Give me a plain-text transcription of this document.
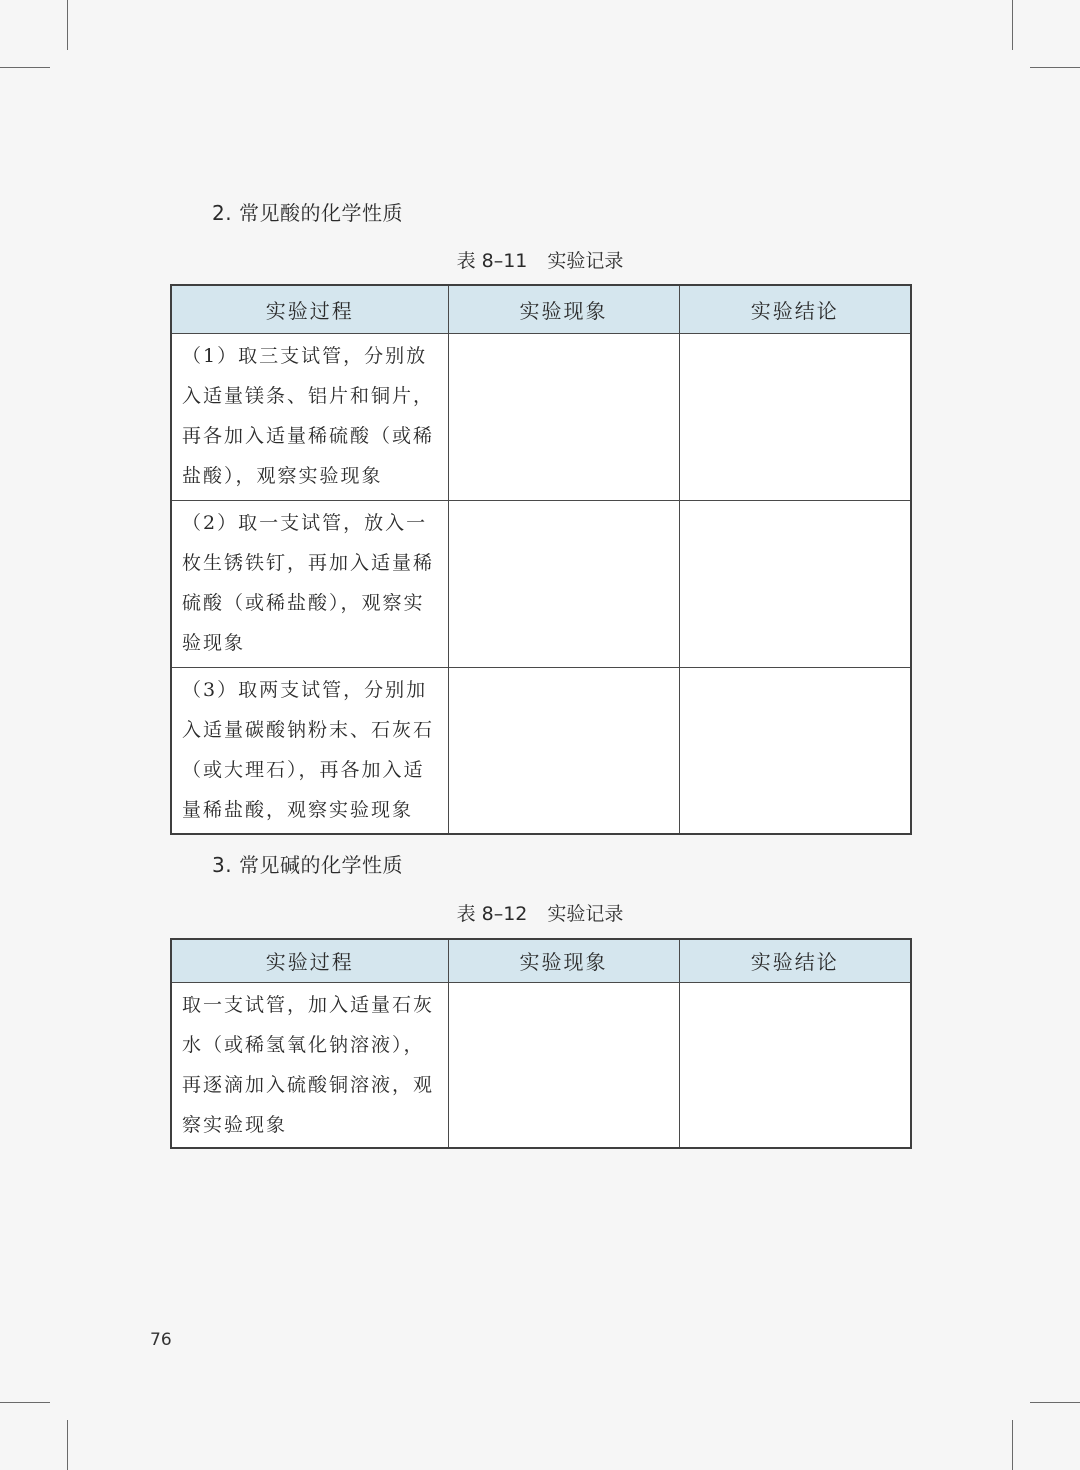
2. 常见酸的化学性质
表 8–11 实验记录
实验过程	实验现象	实验结论
（1）取三支试管，分别放入适量镁条、铝片和铜片，再各加入适量稀硫酸（或稀盐酸），观察实验现象		
（2）取一支试管，放入一枚生锈铁钉，再加入适量稀硫酸（或稀盐酸），观察实验现象		
（3）取两支试管，分别加入适量碳酸钠粉末、石灰石（或大理石），再各加入适量稀盐酸，观察实验现象		
3. 常见碱的化学性质
表 8–12 实验记录
实验过程	实验现象	实验结论
取一支试管，加入适量石灰水（或稀氢氧化钠溶液），再逐滴加入硫酸铜溶液，观察实验现象		
76
